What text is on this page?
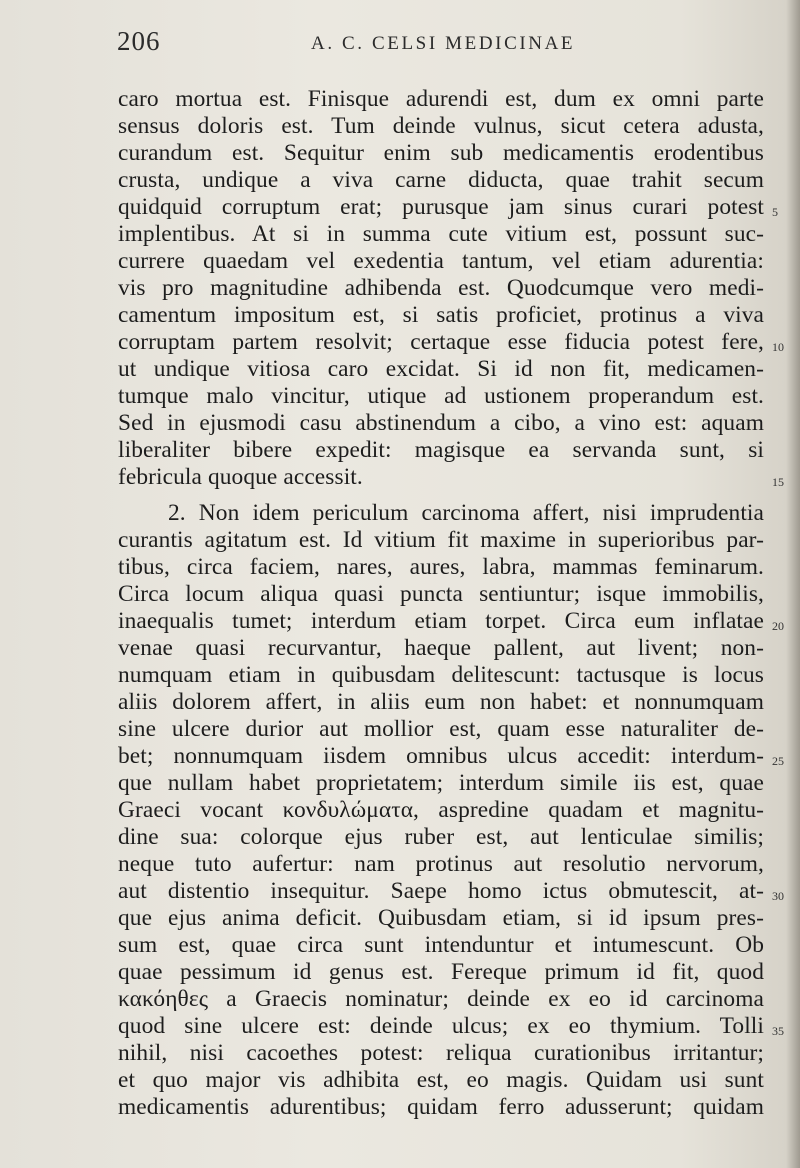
206	A. C. CELSI MEDICINAE
caro mortua est. Finisque adurendi est, dum ex omni parte
sensus doloris est. Tum deinde vulnus, sicut cetera adusta,
curandum est. Sequitur enim sub medicamentis erodentibus
crusta, undique a viva carne diducta, quae trahit secum
quidquid corruptum erat; purusque jam sinus curari potest
implentibus. At si in summa cute vitium est, possunt suc-
currere quaedam vel exedentia tantum, vel etiam adurentia:
vis pro magnitudine adhibenda est. Quodcumque vero medi-
camentum impositum est, si satis proficiet, protinus a viva
corruptam partem resolvit; certaque esse fiducia potest fere,
ut undique vitiosa caro excidat. Si id non fit, medicamen-
tumque malo vincitur, utique ad ustionem properandum est.
Sed in ejusmodi casu abstinendum a cibo, a vino est: aquam
liberaliter bibere expedit: magisque ea servanda sunt, si
febricula quoque accessit.
2. Non idem periculum carcinoma affert, nisi imprudentia
curantis agitatum est. Id vitium fit maxime in superioribus par-
tibus, circa faciem, nares, aures, labra, mammas feminarum.
Circa locum aliqua quasi puncta sentiuntur; isque immobilis,
inaequalis tumet; interdum etiam torpet. Circa eum inflatae
venae quasi recurvantur, haeque pallent, aut livent; non-
numquam etiam in quibusdam delitescunt: tactusque is locus
aliis dolorem affert, in aliis eum non habet: et nonnumquam
sine ulcere durior aut mollior est, quam esse naturaliter de-
bet; nonnumquam iisdem omnibus ulcus accedit: interdum-
que nullam habet proprietatem; interdum simile iis est, quae
Graeci vocant κονδυλώματα, aspredine quadam et magnitu-
dine sua: colorque ejus ruber est, aut lenticulae similis;
neque tuto aufertur: nam protinus aut resolutio nervorum,
aut distentio insequitur. Saepe homo ictus obmutescit, at-
que ejus anima deficit. Quibusdam etiam, si id ipsum pres-
sum est, quae circa sunt intenduntur et intumescunt. Ob
quae pessimum id genus est. Fereque primum id fit, quod
κακόηθες a Graecis nominatur; deinde ex eo id carcinoma
quod sine ulcere est: deinde ulcus; ex eo thymium. Tolli
nihil, nisi cacoethes potest: reliqua curationibus irritantur;
et quo major vis adhibita est, eo magis. Quidam usi sunt
medicamentis adurentibus; quidam ferro adusserunt; quidam
5
10
15
20
25
30
35
